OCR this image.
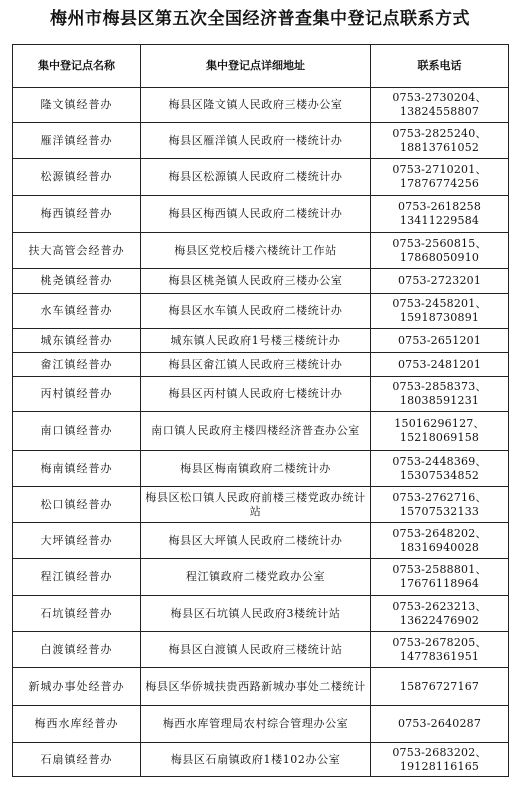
梅州市梅县区第五次全国经济普查集中登记点联系方式
集中登记点名称	集中登记点详细地址	联系电话
隆文镇经普办	梅县区隆文镇人民政府三楼办公室	0753-2730204、
13824558807

雁洋镇经普办	梅县区雁洋镇人民政府一楼统计办	0753-2825240、
18813761052

松源镇经普办	梅县区松源镇人民政府二楼统计办	0753-2710201、
17876774256

梅西镇经普办	梅县区梅西镇人民政府二楼统计办	0753-2618258
13411229584

扶大高管会经普办	梅县区党校后楼六楼统计工作站	0753-2560815、
17868050910

桃尧镇经普办	梅县区桃尧镇人民政府三楼办公室	0753-2723201

水车镇经普办	梅县区水车镇人民政府二楼统计办	0753-2458201、
15918730891

城东镇经普办	城东镇人民政府1号楼三楼统计办	0753-2651201

畲江镇经普办	梅县区畲江镇人民政府三楼统计办	0753-2481201

丙村镇经普办	梅县区丙村镇人民政府七楼统计办	0753-2858373、
18038591231

南口镇经普办	南口镇人民政府主楼四楼经济普查办公室	15016296127、
15218069158

梅南镇经普办	梅县区梅南镇政府二楼统计办	0753-2448369、
15307534852

松口镇经普办	梅县区松口镇人民政府前楼三楼党政办统计站	0753-2762716、
15707532133

大坪镇经普办	梅县区大坪镇人民政府二楼统计办	0753-2648202、
18316940028

程江镇经普办	程江镇政府二楼党政办公室	0753-2588801、
17676118964

石坑镇经普办	梅县区石坑镇人民政府3楼统计站	0753-2623213、
13622476902

白渡镇经普办	梅县区白渡镇人民政府三楼统计站	0753-2678205、
14778361951

新城办事处经普办	梅县区华侨城扶贵西路新城办事处二楼统计	15876727167

梅西水库经普办	梅西水库管理局农村综合管理办公室	0753-2640287

石扇镇经普办	梅县区石扇镇政府1楼102办公室	0753-2683202、
19128116165
